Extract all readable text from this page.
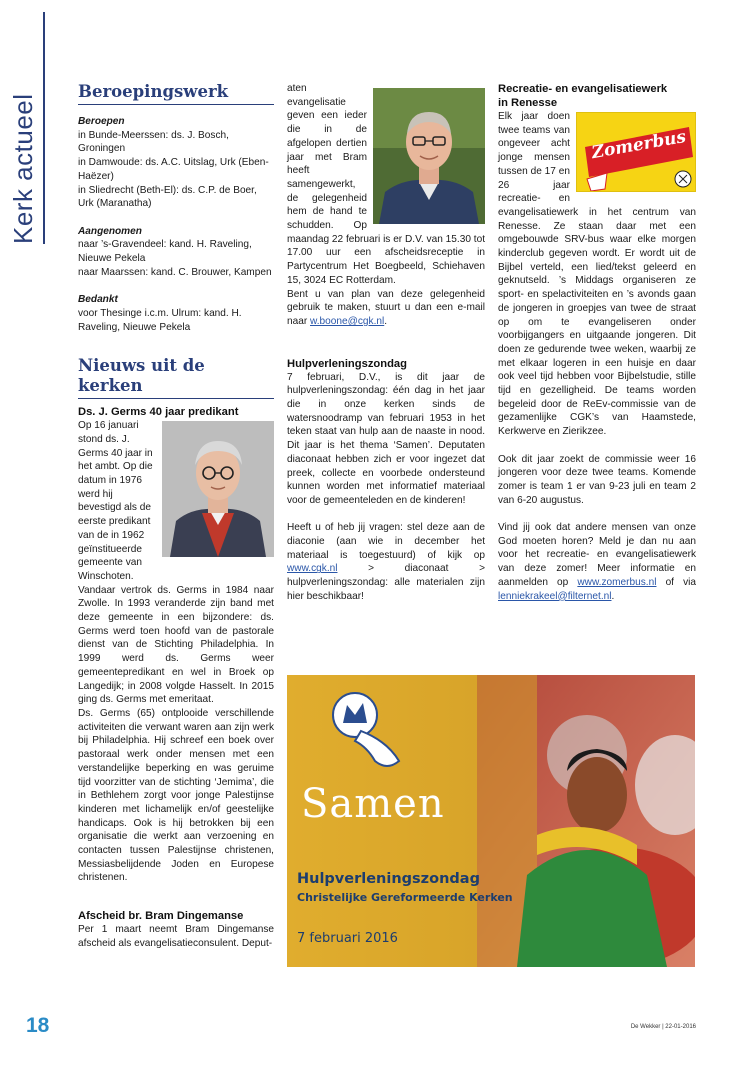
Kerk actueel
Beroepingswerk

Beroepen

in Bunde-Meerssen: ds. J. Bosch, Groningen

in Damwoude: ds. A.C. Uitslag, Urk (Eben-Haëzer)

in Sliedrecht (Beth-El): ds. C.P. de Boer, Urk (Maranatha)

Aangenomen

naar ’s-Gravendeel: kand. H. Raveling, Nieuwe Pekela

naar Maarssen: kand. C. Brouwer, Kampen

Bedankt

voor Thesinge i.c.m. Ulrum: kand. H. Raveling, Nieuwe Pekela

Nieuws uit de kerken

Ds. J. Germs 40 jaar predikant

Op 16 januari stond ds. J. Germs 40 jaar in het ambt. Op die datum in 1976 werd hij bevestigd als de eerste predikant van de in 1962 geïnstitueerde gemeente van Winschoten.

Vandaar vertrok ds. Germs in 1984 naar Zwolle. In 1993 veranderde zijn band met deze gemeente in een bijzondere: ds. Germs werd toen hoofd van de pastorale dienst van de Stichting Philadelphia. In 1999 werd ds. Germs weer gemeentepredikant en wel in Broek op Langedijk; in 2008 volgde Hasselt. In 2015 ging ds. Germs met emeritaat.

Ds. Germs (65) ontplooide verschillende activiteiten die verwant waren aan zijn werk bij Philadelphia. Hij schreef een boek over pastoraal werk onder mensen met een verstandelijke beperking en was geruime tijd voorzitter van de stichting ‘Jemima’, die in Bethlehem zorgt voor jonge Palestijnse kinderen met lichamelijk en/of geestelijke handicaps. Ook is hij betrokken bij een organisatie die werkt aan verzoening en contacten tussen Palestijnse christenen, Messiasbelijdende Joden en Europese christenen.

Afscheid br. Bram Dingemanse

Per 1 maart neemt Bram Dingemanse afscheid als evangelisatieconsulent. Deput-

aten evangelisatie geven een ieder die in de afgelopen dertien jaar met Bram heeft samengewerkt, de gelegenheid hem de hand te schudden. Op maandag 22 februari is er D.V. van 15.30 tot 17.00 uur een afscheidsreceptie in Partycentrum Het Boegbeeld, Schiehaven 15, 3024 EC Rotterdam.

Bent u van plan van deze gelegenheid gebruik te maken, stuurt u dan een e-mail naar w.boone@cgk.nl.

Hulpverleningszondag

7 februari, D.V., is dit jaar de hulpverleningszondag: één dag in het jaar die in onze kerken sinds de watersnoodramp van februari 1953 in het teken staat van hulp aan de naaste in nood. Dit jaar is het thema ‘Samen’. Deputaten diaconaat hebben zich er voor ingezet dat preek, collecte en voorbede ondersteund kunnen worden met informatief materiaal voor de gemeenteleden en de kinderen!

Heeft u of heb jij vragen: stel deze aan de diaconie (aan wie in december het materiaal is toegestuurd) of kijk op www.cgk.nl > diaconaat > hulpverleningszondag: alle materialen zijn hier beschikbaar!

Recreatie- en evangelisatiewerk

in Renesse

Zomerbus

Elk jaar doen twee teams van ongeveer acht jonge mensen tussen de 17 en 26 jaar recreatie- en evangelisatiewerk in het centrum van Renesse. Ze staan daar met een omgebouwde SRV-bus waar elke morgen kinderclub gegeven wordt. Er wordt uit de Bijbel verteld, een lied/tekst geleerd en geknutseld. ’s Middags organiseren ze sport- en spelactiviteiten en ’s avonds gaan de jongeren in groepjes van twee de straat op om te evangeliseren onder voorbijgangers en uitgaande jongeren. Dit doen ze gedurende twee weken, waarbij ze met elkaar logeren in een huisje en daar ook veel tijd hebben voor Bijbelstudie, stille tijd en gezelligheid. De teams worden begeleid door de ReEv-commissie van de gezamenlijke CGK’s van Haamstede, Kerkwerve en Zierikzee.

Ook dit jaar zoekt de commissie weer 16 jongeren voor deze twee teams. Komende zomer is team 1 er van 9-23 juli en team 2 van 6-20 augustus.

Vind jij ook dat andere mensen van onze God moeten horen? Meld je dan nu aan voor het recreatie- en evangelisatiewerk van deze zomer! Meer informatie en aanmelden op www.zomerbus.nl of via lenniekrakeel@filternet.nl.

Samen
Hulpverleningszondag
Christelijke Gereformeerde Kerken
7 februari 2016
18	De Wekker | 22-01-2016
